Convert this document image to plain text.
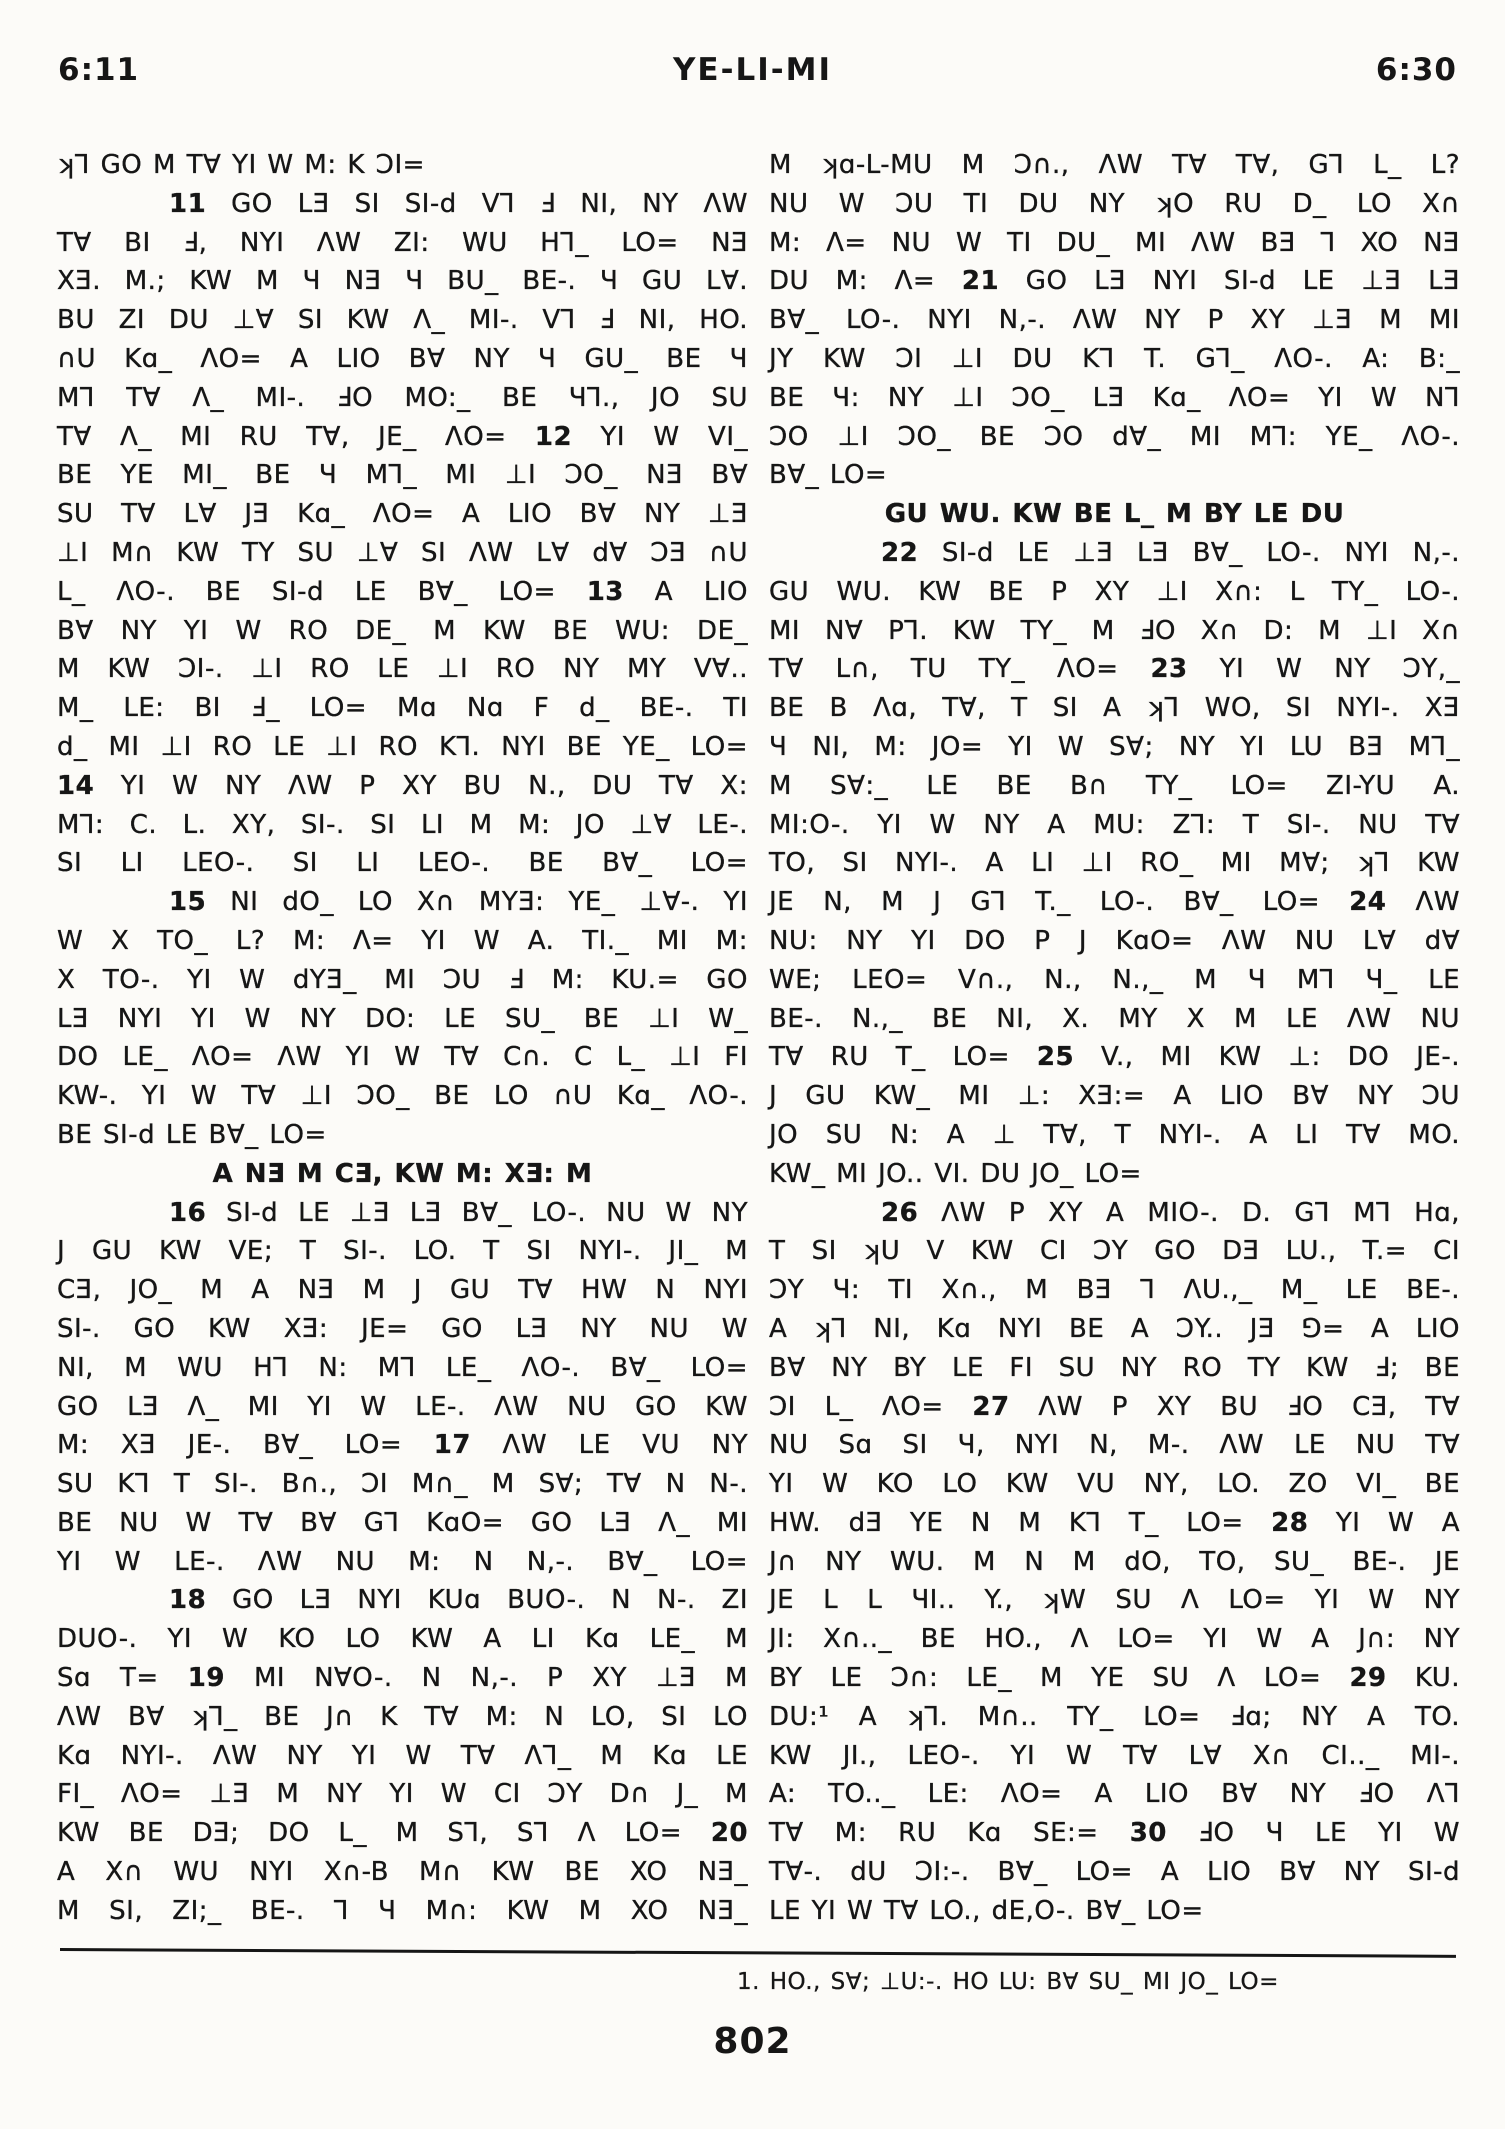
6:11	YE-LI-MI	6:30
ʞ⅂ GO M T∀ YI W M: K ƆI=
11 GO LƎ SI SI-d V⅂ Ⅎ NI, NY ɅW
T∀ BI Ⅎ, NYI ɅW ZI: WU H⅂_ LO= NƎ
XƎ. M.; KW M Ч NƎ Ч BU_ BE-. Ч GU L∀.
BU ZI DU ⊥∀ SI KW Ʌ_ MI-. V⅂ Ⅎ NI, HO.
∩U Kɑ_ ɅO= A LIO B∀ NY Ч GU_ BE Ч
M⅂ T∀ Ʌ_ MI-. ℲO MO:_ BE Ч⅂., JO SU
T∀ Ʌ_ MI RU T∀, JE_ ɅO= 12 YI W VI_
BE YE MI_ BE Ч M⅂_ MI ⊥I ƆO_ NƎ B∀
SU T∀ L∀ JƎ Kɑ_ ɅO= A LIO B∀ NY ⊥Ǝ
⊥I M∩ KW TY SU ⊥∀ SI ɅW L∀ d∀ ƆƎ ∩U
L_ ɅO-. BE SI-d LE B∀_ LO= 13 A LIO
B∀ NY YI W RO DE_ M KW BE WU: DE_
M KW ƆI-. ⊥I RO LE ⊥I RO NY MY V∀..
M_ LE: BI Ⅎ_ LO= Mɑ Nɑ F d_ BE-. TI
d_ MI ⊥I RO LE ⊥I RO K⅂. NYI BE YE_ LO=
14 YI W NY ɅW P XY BU N., DU T∀ X:
M⅂: C. L. XY, SI-. SI LI M M: JO ⊥∀ LE-.
SI LI LEO-. SI LI LEO-. BE B∀_ LO=
15 NI dO_ LO X∩ MYƎ: YE_ ⊥∀-. YI
W X TO_ L? M: Ʌ= YI W A. TI._ MI M:
X TO-. YI W dYƎ_ MI ƆU Ⅎ M: KU.= GO
LƎ NYI YI W NY DO: LE SU_ BE ⊥I W_
DO LE_ ɅO= ɅW YI W T∀ C∩. C L_ ⊥I FI
KW-. YI W T∀ ⊥I ƆO_ BE LO ∩U Kɑ_ ɅO-.
BE SI-d LE B∀_ LO=
A NƎ M CƎ, KW M: XƎ: M
16 SI-d LE ⊥Ǝ LƎ B∀_ LO-. NU W NY
J GU KW VE; T SI-. LO. T SI NYI-. JI_ M
CƎ, JO_ M A NƎ M J GU T∀ HW N NYI
SI-. GO KW XƎ: JE= GO LƎ NY NU W
NI, M WU H⅂ N: M⅂ LE_ ɅO-. B∀_ LO=
GO LƎ Ʌ_ MI YI W LE-. ɅW NU GO KW
M: XƎ JE-. B∀_ LO= 17 ɅW LE VU NY
SU K⅂ T SI-. B∩., ƆI M∩_ M S∀; T∀ N N-.
BE NU W T∀ B∀ G⅂ KɑO= GO LƎ Ʌ_ MI
YI W LE-. ɅW NU M: N N,-. B∀_ LO=
18 GO LƎ NYI KUɑ BUO-. N N-. ZI
DUO-. YI W KO LO KW A LI Kɑ LE_ M
Sɑ T= 19 MI N∀O-. N N,-. P XY ⊥Ǝ M
ɅW B∀ ʞ⅂_ BE J∩ K T∀ M: N LO, SI LO
Kɑ NYI-. ɅW NY YI W T∀ Ʌ⅂_ M Kɑ LE
FI_ ɅO= ⊥Ǝ M NY YI W CI ƆY D∩ J_ M
KW BE DƎ; DO L_ M S⅂, S⅂ Ʌ LO= 20
A X∩ WU NYI X∩-B M∩ KW BE XO NƎ_
M SI, ZI;_ BE-. ⅂ Ч M∩: KW M XO NƎ_
M ʞɑ-L-MU M Ɔ∩., ɅW T∀ T∀, G⅂ L_ L?
NU W ƆU TI DU NY ʞO RU D_ LO X∩
M: Ʌ= NU W TI DU_ MI ɅW BƎ ⅂ XO NƎ
DU M: Ʌ= 21 GO LƎ NYI SI-d LE ⊥Ǝ LƎ
B∀_ LO-. NYI N,-. ɅW NY P XY ⊥Ǝ M MI
JY KW ƆI ⊥I DU K⅂ T. G⅂_ ɅO-. A: B:_
BE Ч: NY ⊥I ƆO_ LƎ Kɑ_ ɅO= YI W N⅂
ƆO ⊥I ƆO_ BE ƆO d∀_ MI M⅂: YE_ ɅO-.
B∀_ LO=
GU WU. KW BE L_ M BY LE DU
22 SI-d LE ⊥Ǝ LƎ B∀_ LO-. NYI N,-.
GU WU. KW BE P XY ⊥I X∩: L TY_ LO-.
MI N∀ P⅂. KW TY_ M ℲO X∩ D: M ⊥I X∩
T∀ L∩, TU TY_ ɅO= 23 YI W NY ƆY,_
BE B Ʌɑ, T∀, T SI A ʞ⅂ WO, SI NYI-. XƎ
Ч NI, M: JO= YI W S∀; NY YI LU BƎ M⅂_
M S∀:_ LE BE B∩ TY_ LO= ZI-YU A.
MI:O-. YI W NY A MU: Z⅂: T SI-. NU T∀
TO, SI NYI-. A LI ⊥I RO_ MI M∀; ʞ⅂ KW
JE N, M J G⅂ T._ LO-. B∀_ LO= 24 ɅW
NU: NY YI DO P J KɑO= ɅW NU L∀ d∀
WE; LEO= V∩., N., N.,_ M Ч M⅂ Ч_ LE
BE-. N.,_ BE NI, X. MY X M LE ɅW NU
T∀ RU T_ LO= 25 V., MI KW ⊥: DO JE-.
J GU KW_ MI ⊥: XƎ:= A LIO B∀ NY ƆU
JO SU N: A ⊥ T∀, T NYI-. A LI T∀ MO.
KW_ MI JO.. VI. DU JO_ LO=
26 ɅW P XY A MIO-. D. G⅂ M⅂ Hɑ,
T SI ʞU V KW CI ƆY GO DƎ LU., T.= CI
ƆY Ч: TI X∩., M BƎ ⅂ ɅU.,_ M_ LE BE-.
A ʞ⅂ NI, Kɑ NYI BE A ƆY.. JƎ ⅁= A LIO
B∀ NY BY LE FI SU NY RO TY KW Ⅎ; BE
ƆI L_ ɅO= 27 ɅW P XY BU ℲO CƎ, T∀
NU Sɑ SI Ч, NYI N, M-. ɅW LE NU T∀
YI W KO LO KW VU NY, LO. ZO VI_ BE
HW. dƎ YE N M K⅂ T_ LO= 28 YI W A
J∩ NY WU. M N M dO, TO, SU_ BE-. JE
JE L L ЧI.. Y., ʞW SU Ʌ LO= YI W NY
JI: X∩.._ BE HO., Ʌ LO= YI W A J∩: NY
BY LE Ɔ∩: LE_ M YE SU Ʌ LO= 29 KU.
DU:¹ A ʞ⅂. M∩.. TY_ LO= Ⅎɑ; NY A TO.
KW JI., LEO-. YI W T∀ L∀ X∩ CI.._ MI-.
A: TO.._ LE: ɅO= A LIO B∀ NY ℲO Ʌ⅂
T∀ M: RU Kɑ SE:= 30 ℲO Ч LE YI W
T∀-. dU ƆI:-. B∀_ LO= A LIO B∀ NY SI-d
LE YI W T∀ LO., dE,O-. B∀_ LO=
1. HO., S∀; ⊥U:-. HO LU: B∀ SU_ MI JO_ LO=
802
